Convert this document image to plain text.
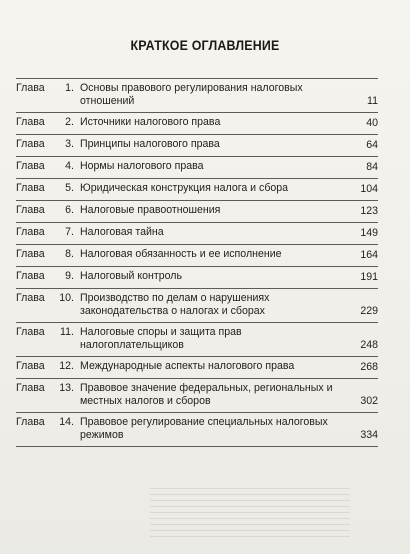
КРАТКОЕ ОГЛАВЛЕНИЕ
Глава	1. Основы правового регулирования налоговых отношений	11
Глава	2. Источники налогового права	40
Глава	3. Принципы налогового права	64
Глава	4. Нормы налогового права	84
Глава	5. Юридическая конструкция налога и сбора	104
Глава	6. Налоговые правоотношения	123
Глава	7. Налоговая тайна	149
Глава	8. Налоговая обязанность и ее исполнение	164
Глава	9. Налоговый контроль	191
Глава	10. Производство по делам о нарушениях законодательства о налогах и сборах	229
Глава	11. Налоговые споры и защита прав налогоплательщиков	248
Глава	12. Международные аспекты налогового права	268
Глава	13. Правовое значение федеральных, региональных и местных налогов и сборов	302
Глава	14. Правовое регулирование специальных налоговых режимов	334
